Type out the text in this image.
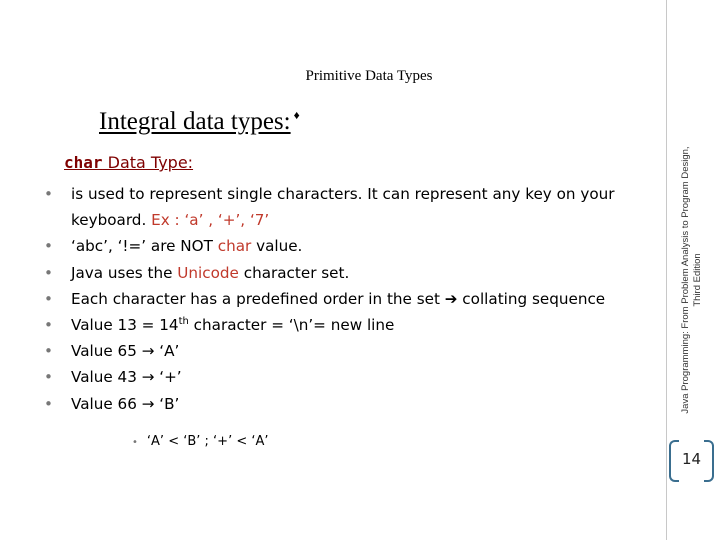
Primitive Data Types
Integral data types: ♦
char Data Type:
• is used to represent single characters. It can represent any key on your keyboard. Ex : ‘a’ , ‘+’, ‘7’
• ‘abc’, ‘!=’ are NOT char value.
• Java uses the Unicode character set.
• Each character has a predefined order in the set ➔ collating sequence
• Value 13 = 14th character = ‘\n’= new line
• Value 65 → ‘A’
• Value 43 → ‘+’
• Value 66 → ‘B’
• ‘A’ < ‘B’ ; ‘+’ < ‘A’
Java Programming: From Problem Analysis to Program Design, Third Edition
14
